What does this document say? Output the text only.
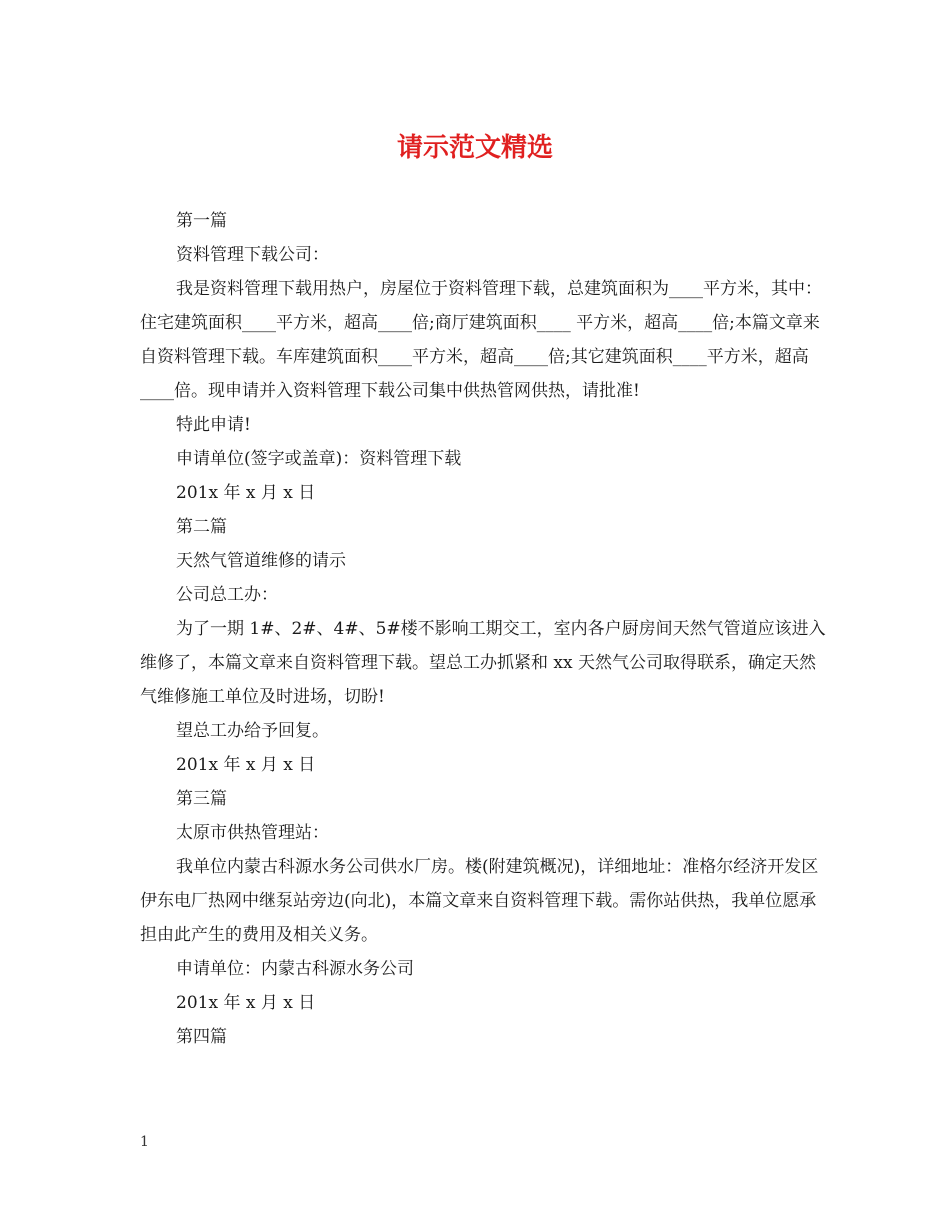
请示范文精选

第一篇

资料管理下载公司：

我是资料管理下载用热户，房屋位于资料管理下载，总建筑面积为____平方米，其中：住宅建筑面积____平方米，超高____倍;商厅建筑面积____ 平方米，超高____倍;本篇文章来自资料管理下载。车库建筑面积____平方米，超高____倍;其它建筑面积____平方米，超高____倍。现申请并入资料管理下载公司集中供热管网供热，请批准!

特此申请!

申请单位(签字或盖章)：资料管理下载

201x 年 x 月 x 日

第二篇

天然气管道维修的请示

公司总工办：

为了一期 1#、2#、4#、5#楼不影响工期交工，室内各户厨房间天然气管道应该进入维修了，本篇文章来自资料管理下载。望总工办抓紧和 xx 天然气公司取得联系，确定天然气维修施工单位及时进场，切盼!

望总工办给予回复。

201x 年 x 月 x 日

第三篇

太原市供热管理站：

我单位内蒙古科源水务公司供水厂房。楼(附建筑概况)，详细地址：准格尔经济开发区伊东电厂热网中继泵站旁边(向北)，本篇文章来自资料管理下载。需你站供热，我单位愿承担由此产生的费用及相关义务。

申请单位：内蒙古科源水务公司

201x 年 x 月 x 日

第四篇

1
